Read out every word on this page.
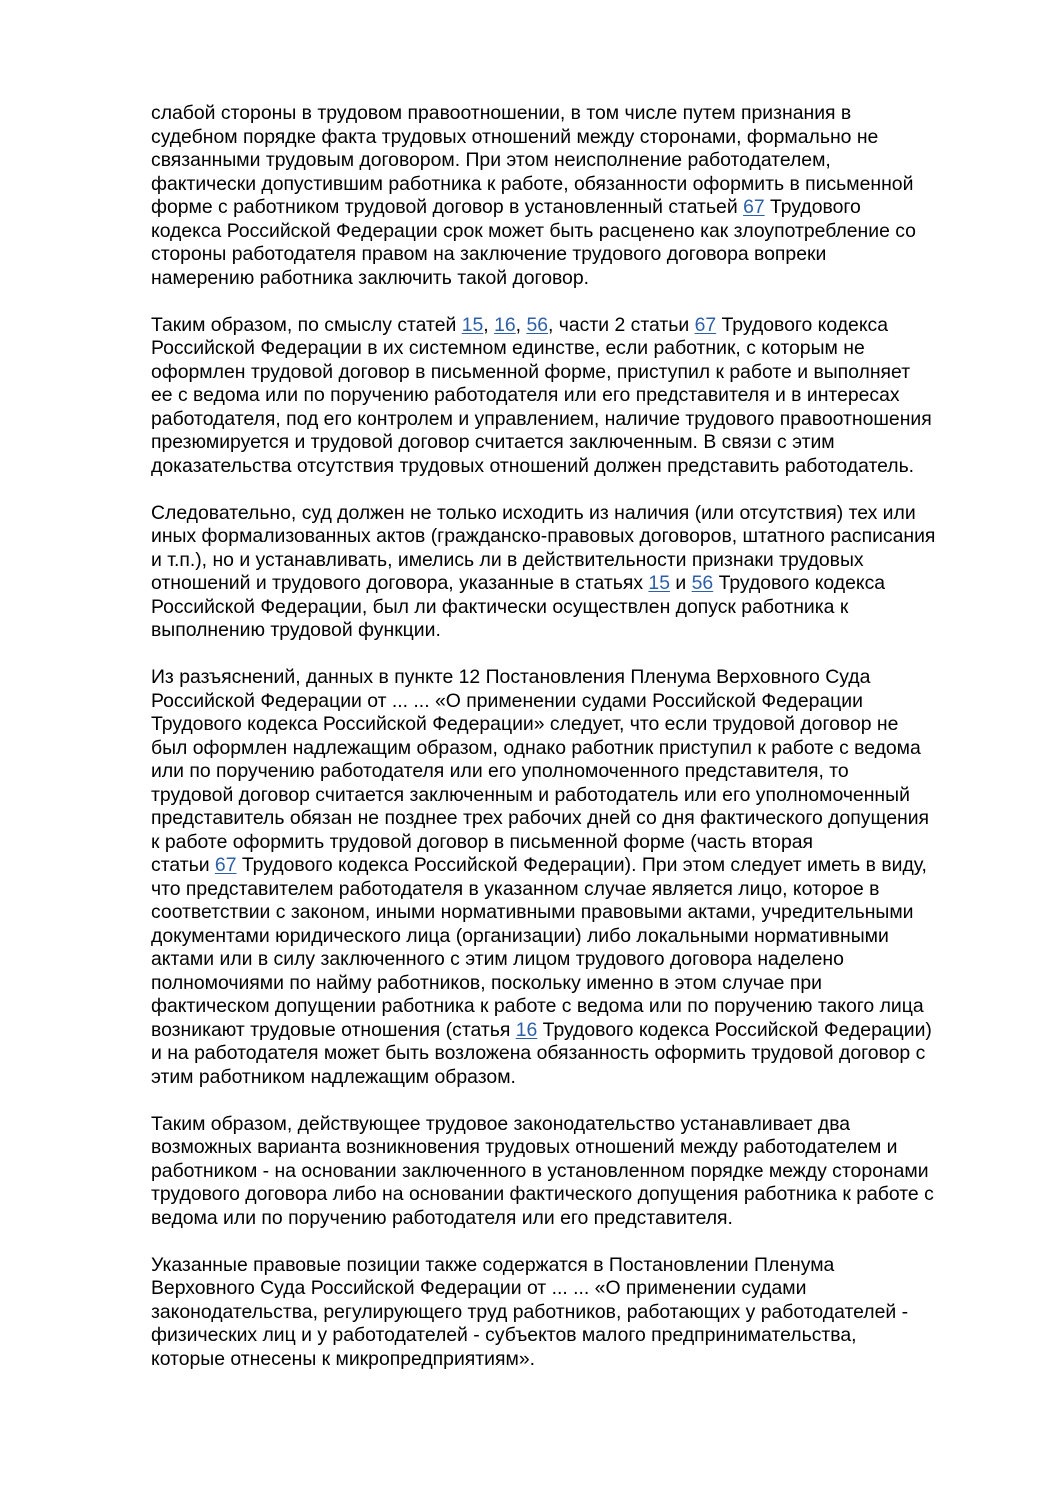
слабой стороны в трудовом правоотношении, в том числе путем признания в
судебном порядке факта трудовых отношений между сторонами, формально не
связанными трудовым договором. При этом неисполнение работодателем,
фактически допустившим работника к работе, обязанности оформить в письменной
форме с работником трудовой договор в установленный статьей 67 Трудового
кодекса Российской Федерации срок может быть расценено как злоупотребление со
стороны работодателя правом на заключение трудового договора вопреки
намерению работника заключить такой договор.

Таким образом, по смыслу статей 15, 16, 56, части 2 статьи 67 Трудового кодекса
Российской Федерации в их системном единстве, если работник, с которым не
оформлен трудовой договор в письменной форме, приступил к работе и выполняет
ее с ведома или по поручению работодателя или его представителя и в интересах
работодателя, под его контролем и управлением, наличие трудового правоотношения
презюмируется и трудовой договор считается заключенным. В связи с этим
доказательства отсутствия трудовых отношений должен представить работодатель.

Следовательно, суд должен не только исходить из наличия (или отсутствия) тех или
иных формализованных актов (гражданско-правовых договоров, штатного расписания
и т.п.), но и устанавливать, имелись ли в действительности признаки трудовых
отношений и трудового договора, указанные в статьях 15 и 56 Трудового кодекса
Российской Федерации, был ли фактически осуществлен допуск работника к
выполнению трудовой функции.

Из разъяснений, данных в пункте 12 Постановления Пленума Верховного Суда
Российской Федерации от ... ... «О применении судами Российской Федерации
Трудового кодекса Российской Федерации» следует, что если трудовой договор не
был оформлен надлежащим образом, однако работник приступил к работе с ведома
или по поручению работодателя или его уполномоченного представителя, то
трудовой договор считается заключенным и работодатель или его уполномоченный
представитель обязан не позднее трех рабочих дней со дня фактического допущения
к работе оформить трудовой договор в письменной форме (часть вторая
статьи 67 Трудового кодекса Российской Федерации). При этом следует иметь в виду,
что представителем работодателя в указанном случае является лицо, которое в
соответствии с законом, иными нормативными правовыми актами, учредительными
документами юридического лица (организации) либо локальными нормативными
актами или в силу заключенного с этим лицом трудового договора наделено
полномочиями по найму работников, поскольку именно в этом случае при
фактическом допущении работника к работе с ведома или по поручению такого лица
возникают трудовые отношения (статья 16 Трудового кодекса Российской Федерации)
и на работодателя может быть возложена обязанность оформить трудовой договор с
этим работником надлежащим образом.

Таким образом, действующее трудовое законодательство устанавливает два
возможных варианта возникновения трудовых отношений между работодателем и
работником - на основании заключенного в установленном порядке между сторонами
трудового договора либо на основании фактического допущения работника к работе с
ведома или по поручению работодателя или его представителя.

Указанные правовые позиции также содержатся в Постановлении Пленума
Верховного Суда Российской Федерации от ... ... «О применении судами
законодательства, регулирующего труд работников, работающих у работодателей -
физических лиц и у работодателей - субъектов малого предпринимательства,
которые отнесены к микропредприятиям».
